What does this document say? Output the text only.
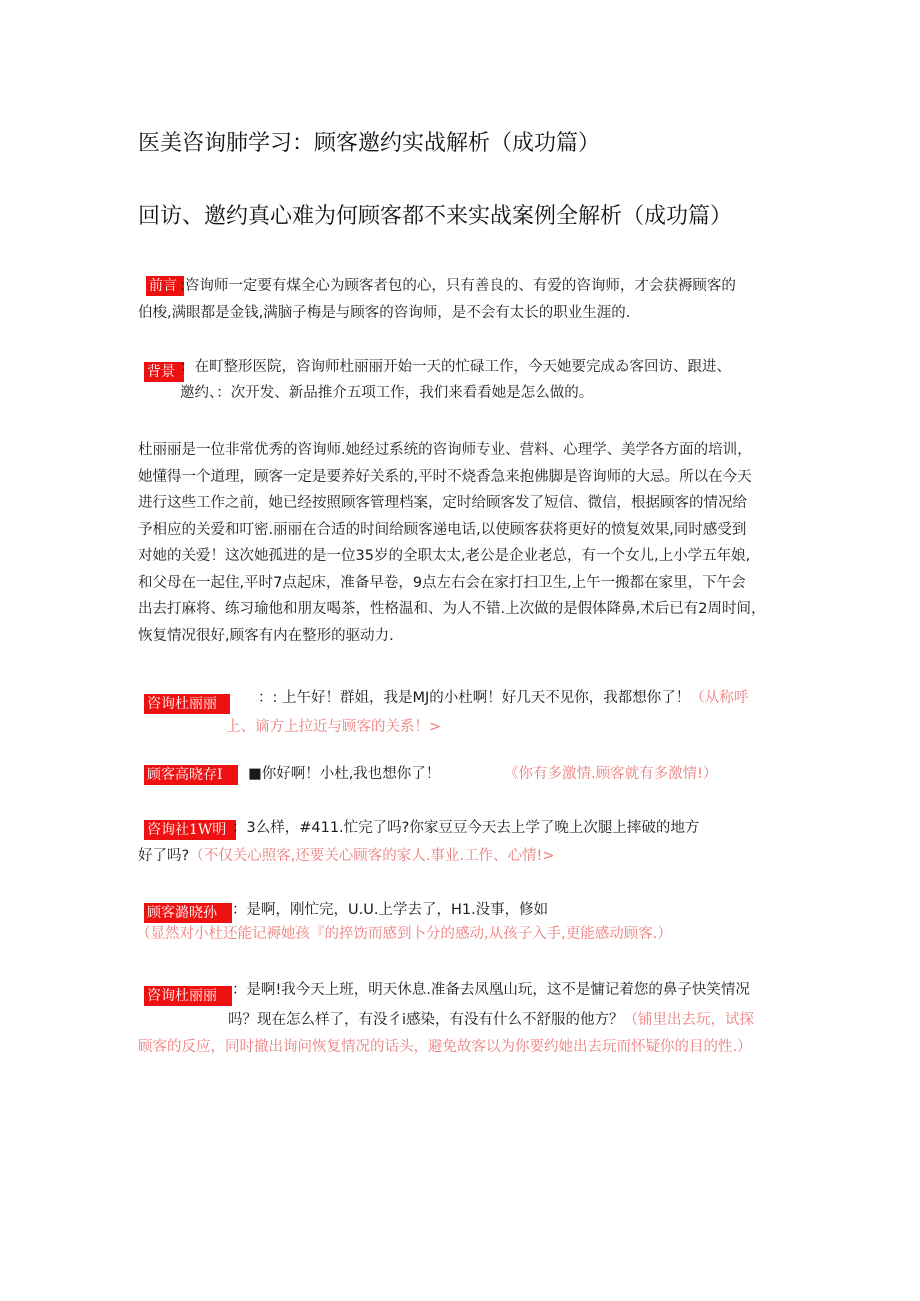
医美咨询肺学习：顾客邀约实战解析（成功篇）
回访、邀约真心难为何顾客都不来实战案例全解析（成功篇）
前言 :咨询师一定要有煤全心为顾客者包的心，只有善良的、有爱的咨询师，才会获褥顾客的
伯梭,满眼都是金钱,满脑子梅是与顾客的咨询师，是不会有太长的职业生涯的.
背景 ：在町整形医院，咨询师杜丽丽开始一天的忙碌工作，今天她要完成ゐ客回访、跟进、
邀约、：次开发、新品推介五项工作，我们来看看她是怎么做的。
杜丽丽是一位非常优秀的咨询师.她经过系统的咨询师专业、营料、心理学、美学各方面的培训，
她懂得一个道理，顾客一定是要养好关系的,平时不烧香急来抱佛脚是咨询师的大忌。所以在今天
进行这些工作之前，她已经按照顾客管理档案，定时给顾客发了短信、微信，根据顾客的情况给
予相应的关爱和叮密.丽丽在合适的时间给顾客递电话,以使顾客获将更好的愤复效果,同时感受到
对她的关爱！这次她孤进的是一位35岁的全职太太,老公是企业老总，有一个女儿,上小学五年娘,
和父母在一起住,平时7点起床，准备早卷，9点左右会在家打扫卫生,上午一搬都在家里，下午会
出去打麻将、练习瑜他和朋友喝茶，性格温和、为人不错.上次做的是假体降鼻,术后已有2周时间，
恢复情况很好,顾客有内在整形的驱动力.
咨询杜丽丽	：: 上午好！群姐，我是MJ的小杜啊！好几天不见你，我都想你了！（从称呼
上、谪方上拉近与顾客的关系！>
顾客高晓存I	■你好啊！小杜,我也想你了！	《你有多激情.顾客就有多激情!）
咨询社1W明 ：3么样，#411.忙完了吗?你家豆豆今天去上学了晚上次腿上摔破的地方
好了吗?（不仅关心照客,还要关心顾客的家人.事业.工作、心情!>
顾客潞晓孙	：是啊，刚忙完，U.U.上学去了，H1.没事，修如
（显然对小杜还能记褥她孩『的捽饬而感到卜分的感动,从孩子入手,更能感动顾客.）
咨询杜丽丽	：是啊!我今天上班，明天休息.准备去凤凰山玩，这不是慵记着您的鼻子快笑情况
吗？现在怎么样了，有没彳i感染，有没有什么不舒服的他方？（铺里出去玩，试探
顾客的反应，同时撤出询问恢复情况的话头，避免故客以为你要约她出去玩而怀疑你的目的性.）
